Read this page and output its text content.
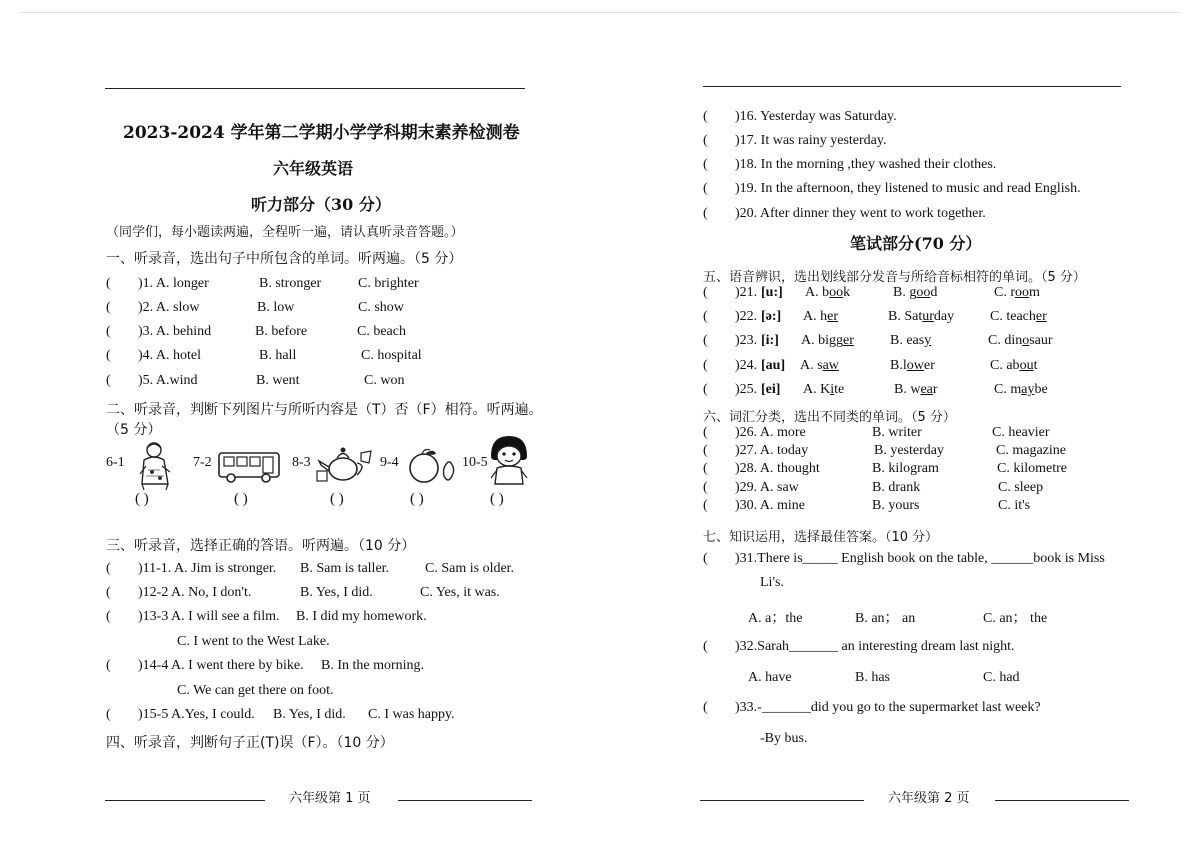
2023-2024 学年第二学期小学学科期末素养检测卷
六年级英语
听力部分（30 分）
（同学们，每小题读两遍，全程听一遍，请认真听录音答题。）
一、听录音，选出句子中所包含的单词。听两遍。（5 分）
( )1. A. longer	B. stronger	C. brighter
( )2. A. slow	B. low	C. show
( )3. A. behind	B. before	C. beach
( )4. A. hotel	B. hall	C. hospital
( )5. A.wind	B. went	C. won
二、听录音，判断下列图片与所听内容是（T）否（F）相符。听两遍。
（5 分）
6-1
( )
7-2
( )
8-3
( )
9-4
( )
10-5
( )
三、听录音，选择正确的答语。听两遍。（10 分）
( )11-1. A. Jim is stronger. B. Sam is taller.	C. Sam is older.
( )12-2 A. No, I don't.	B. Yes, I did.	C. Yes, it was.
( )13-3 A. I will see a film. B. I did my homework.
C. I went to the West Lake.
( )14-4 A. I went there by bike. B. In the morning.
C. We can get there on foot.
( )15-5 A.Yes, I could. B. Yes, I did. C. I was happy.
四、听录音，判断句子正(T)误（F）。（10 分）
六年级第 1 页
( )16. Yesterday was Saturday.
( )17. It was rainy yesterday.
( )18. In the morning ,they washed their clothes.
( )19. In the afternoon, they listened to music and read English.
( )20. After dinner they went to work together.
笔试部分(70 分）
五、语音辨识，选出划线部分发音与所给音标相符的单词。（5 分）
( )21. [u:] A. book	B. good	C. room
( )22. [ə:] A. her	B. Saturday	C. teacher
( )23. [i:] A. bigger	B. easy	C. dinosaur
( )24. [au] A. saw	B.lower	C. about
( )25. [ei] A. Kite	B. wear	C. maybe
六、词汇分类，选出不同类的单词。（5 分）
( )26. A. more	B. writer	C. heavier
( )27. A. today	B. yesterday	C. magazine
( )28. A. thought	B. kilogram	C. kilometre
( )29. A. saw	B. drank	C. sleep
( )30. A. mine	B. yours	C. it's
七、知识运用，选择最佳答案。（10 分）
( )31.There is_____ English book on the table, ______book is Miss
Li's.
A. a；the	B. an； an	C. an； the
( )32.Sarah_______ an interesting dream last night.
A. have	B. has	C. had
( )33.-_______did you go to the supermarket last week?
-By bus.
六年级第 2 页
